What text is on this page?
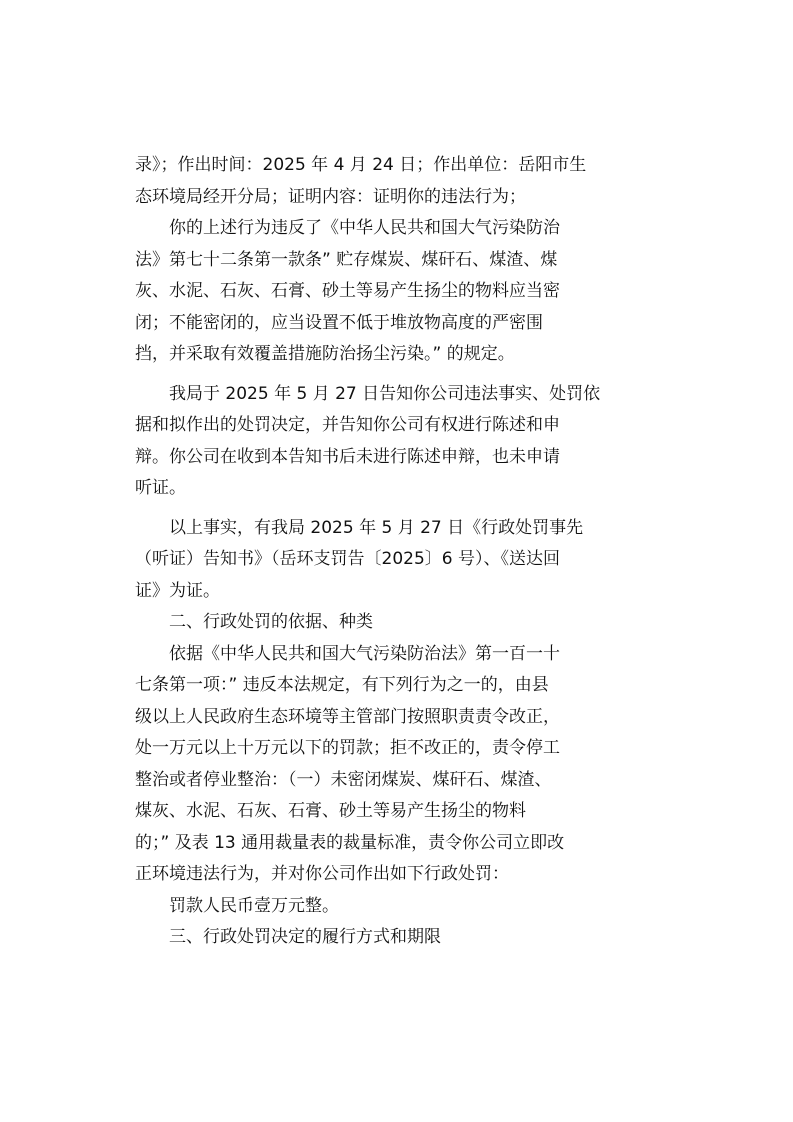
录》；作出时间：2025 年 4 月 24 日；作出单位：岳阳市生
态环境局经开分局；证明内容：证明你的违法行为；
　　你的上述行为违反了《中华人民共和国大气污染防治
法》第七十二条第一款条” 贮存煤炭、煤矸石、煤渣、煤
灰、水泥、石灰、石膏、砂土等易产生扬尘的物料应当密
闭；不能密闭的，应当设置不低于堆放物高度的严密围
挡，并采取有效覆盖措施防治扬尘污染。” 的规定。
　　我局于 2025 年 5 月 27 日告知你公司违法事实、处罚依
据和拟作出的处罚决定，并告知你公司有权进行陈述和申
辩。你公司在收到本告知书后未进行陈述申辩，也未申请
听证。
　　以上事实，有我局 2025 年 5 月 27 日《行政处罚事先
（听证）告知书》（岳环支罚告〔2025〕6 号）、《送达回
证》为证。
　　二、行政处罚的依据、种类
　　依据《中华人民共和国大气污染防治法》第一百一十
七条第一项：” 违反本法规定，有下列行为之一的，由县
级以上人民政府生态环境等主管部门按照职责责令改正，
处一万元以上十万元以下的罚款；拒不改正的，责令停工
整治或者停业整治：（一）未密闭煤炭、煤矸石、煤渣、
煤灰、水泥、石灰、石膏、砂土等易产生扬尘的物料
的；” 及表 13 通用裁量表的裁量标准，责令你公司立即改
正环境违法行为，并对你公司作出如下行政处罚：
　　罚款人民币壹万元整。
　　三、行政处罚决定的履行方式和期限
